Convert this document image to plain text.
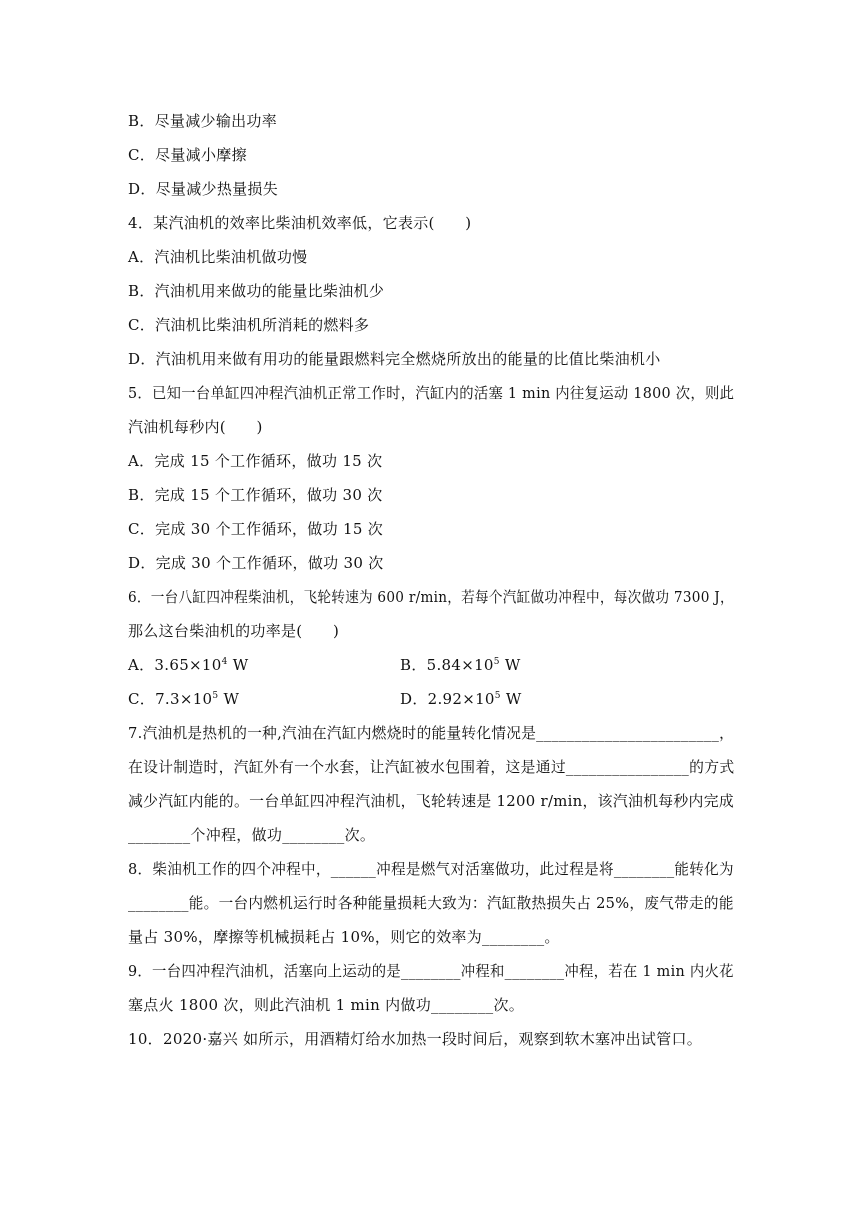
B．尽量减少输出功率
C．尽量减小摩擦
D．尽量减少热量损失
4．某汽油机的效率比柴油机效率低，它表示(　　)
A．汽油机比柴油机做功慢
B．汽油机用来做功的能量比柴油机少
C．汽油机比柴油机所消耗的燃料多
D．汽油机用来做有用功的能量跟燃料完全燃烧所放出的能量的比值比柴油机小
5．已知一台单缸四冲程汽油机正常工作时，汽缸内的活塞 1 min 内往复运动 1800 次，则此
汽油机每秒内(　　)
A．完成 15 个工作循环，做功 15 次
B．完成 15 个工作循环，做功 30 次
C．完成 30 个工作循环，做功 15 次
D．完成 30 个工作循环，做功 30 次
6．一台八缸四冲程柴油机，飞轮转速为 600 r/min，若每个汽缸做功冲程中，每次做功 7300 J，
那么这台柴油机的功率是(　　)
A．$3.65\times 10^4$ W	B．$5.84\times 10^5$ W
C．$7.3\times 10^5$ W	D．$2.92\times 10^5$ W
7.汽油机是热机的一种,汽油在汽缸内燃烧时的能量转化情况是________________________，
在设计制造时，汽缸外有一个水套，让汽缸被水包围着，这是通过________________的方式
减少汽缸内能的。一台单缸四冲程汽油机，飞轮转速是 1200 r/min，该汽油机每秒内完成
________个冲程，做功________次。
8．柴油机工作的四个冲程中，______冲程是燃气对活塞做功，此过程是将________能转化为
________能。一台内燃机运行时各种能量损耗大致为：汽缸散热损失占 25%，废气带走的能
量占 30%，摩擦等机械损耗占 10%，则它的效率为________。
9．一台四冲程汽油机，活塞向上运动的是________冲程和________冲程，若在 1 min 内火花
塞点火 1800 次，则此汽油机 1 min 内做功________次。
10．2020·嘉兴 如所示，用酒精灯给水加热一段时间后，观察到软木塞冲出试管口。
